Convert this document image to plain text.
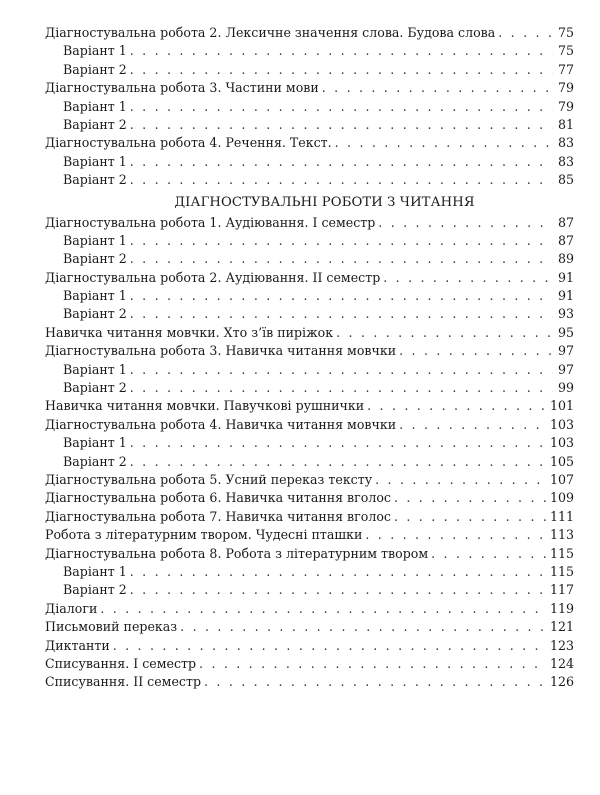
Діагностувальна робота 2. Лексичне значення слова. Будова слова . . .	75
Варіант 1 . . .	75
Варіант 2 . . .	77
Діагностувальна робота 3. Частини мови . . .	79
Варіант 1 . . .	79
Варіант 2 . . .	81
Діагностувальна робота 4. Речення. Текст. . . .	83
Варіант 1 . . .	83
Варіант 2 . . .	85
ДІАГНОСТУВАЛЬНІ РОБОТИ З ЧИТАННЯ
Діагностувальна робота 1. Аудіювання. I семестр . . .	87
Варіант 1 . . .	87
Варіант 2 . . .	89
Діагностувальна робота 2. Аудіювання. II семестр . . .	91
Варіант 1 . . .	91
Варіант 2 . . .	93
Навичка читання мовчки. Хто з’їв пиріжок . . .	95
Діагностувальна робота 3. Навичка читання мовчки . . .	97
Варіант 1 . . .	97
Варіант 2 . . .	99
Навичка читання мовчки. Павучкові рушнички . . .	101
Діагностувальна робота 4. Навичка читання мовчки . . .	103
Варіант 1 . . .	103
Варіант 2 . . .	105
Діагностувальна робота 5. Усний переказ тексту . . .	107
Діагностувальна робота 6. Навичка читання вголос . . .	109
Діагностувальна робота 7. Навичка читання вголос . . .	111
Робота з літературним твором. Чудесні пташки . . .	113
Діагностувальна робота 8. Робота з літературним твором . . .	115
Варіант 1 . . .	115
Варіант 2 . . .	117
Діалоги . . .	119
Письмовий переказ . . .	121
Диктанти . . .	123
Списування. I семестр . . .	124
Списування. II семестр . . .	126
